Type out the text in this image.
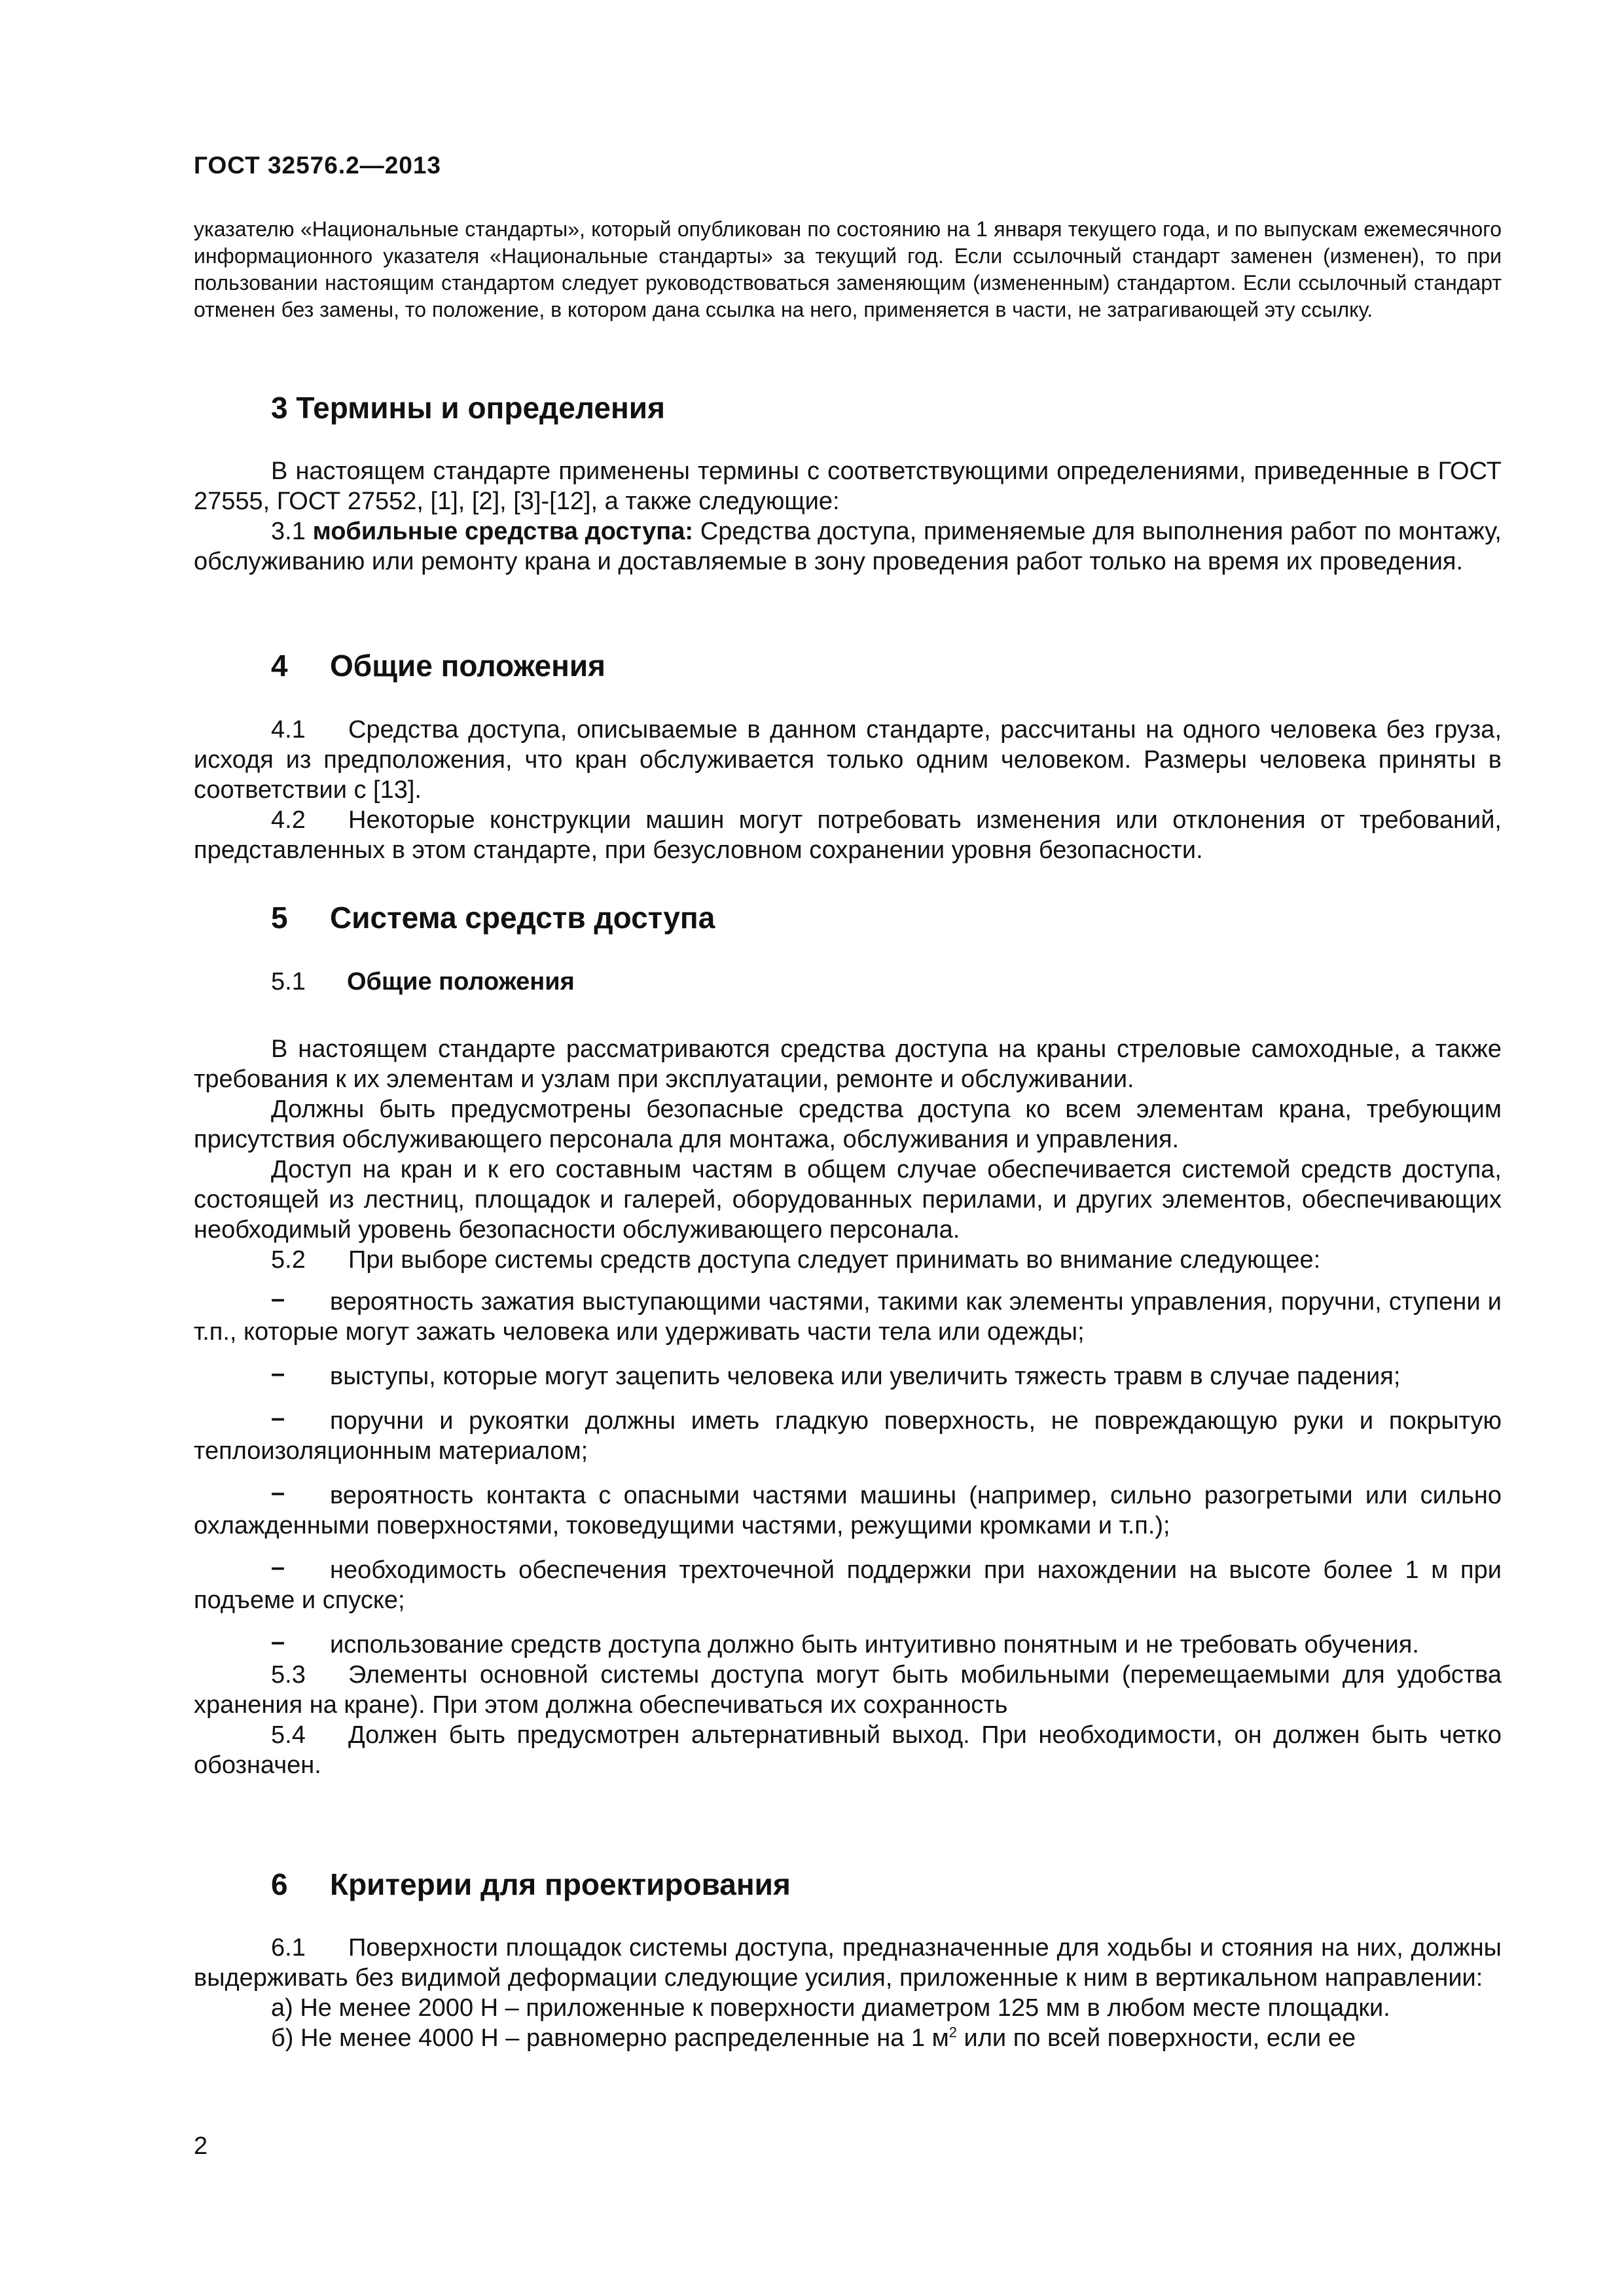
ГОСТ 32576.2—2013

указателю «Национальные стандарты», который опубликован по состоянию на 1 января текущего года, и по выпускам ежемесячного информационного указателя «Национальные стандарты» за текущий год. Если ссылочный стандарт заменен (изменен), то при пользовании настоящим стандартом следует руководствоваться заменяющим (измененным) стандартом. Если ссылочный стандарт отменен без замены, то положение, в котором дана ссылка на него, применяется в части, не затрагивающей эту ссылку.

3 Термины и определения

В настоящем стандарте применены термины с соответствующими определениями, приведенные в ГОСТ 27555, ГОСТ 27552, [1], [2], [3]-[12], а также следующие:

3.1 мобильные средства доступа: Средства доступа, применяемые для выполнения работ по монтажу, обслуживанию или ремонту крана и доставляемые в зону проведения работ только на время их проведения.

4 Общие положения

4.1 Средства доступа, описываемые в данном стандарте, рассчитаны на одного человека без груза, исходя из предположения, что кран обслуживается только одним человеком. Размеры человека приняты в соответствии с [13].

4.2 Некоторые конструкции машин могут потребовать изменения или отклонения от требований, представленных в этом стандарте, при безусловном сохранении уровня безопасности.

5 Система средств доступа
5.1 Общие положения

В настоящем стандарте рассматриваются средства доступа на краны стреловые самоходные, а также требования к их элементам и узлам при эксплуатации, ремонте и обслуживании.

Должны быть предусмотрены безопасные средства доступа ко всем элементам крана, требующим присутствия обслуживающего персонала для монтажа, обслуживания и управления.

Доступ на кран и к его составным частям в общем случае обеспечивается системой средств доступа, состоящей из лестниц, площадок и галерей, оборудованных перилами, и других элементов, обеспечивающих необходимый уровень безопасности обслуживающего персонала.

5.2 При выборе системы средств доступа следует принимать во внимание следующее:

– вероятность зажатия выступающими частями, такими как элементы управления, поручни, ступени и т.п., которые могут зажать человека или удерживать части тела или одежды;

– выступы, которые могут зацепить человека или увеличить тяжесть травм в случае падения;

– поручни и рукоятки должны иметь гладкую поверхность, не повреждающую руки и покрытую теплоизоляционным материалом;

– вероятность контакта с опасными частями машины (например, сильно разогретыми или сильно охлажденными поверхностями, токоведущими частями, режущими кромками и т.п.);

– необходимость обеспечения трехточечной поддержки при нахождении на высоте более 1 м при подъеме и спуске;

– использование средств доступа должно быть интуитивно понятным и не требовать обучения.

5.3 Элементы основной системы доступа могут быть мобильными (перемещаемыми для удобства хранения на кране). При этом должна обеспечиваться их сохранность

5.4 Должен быть предусмотрен альтернативный выход. При необходимости, он должен быть четко обозначен.

6 Критерии для проектирования

6.1 Поверхности площадок системы доступа, предназначенные для ходьбы и стояния на них, должны выдерживать без видимой деформации следующие усилия, приложенные к ним в вертикальном направлении:

а) Не менее 2000 Н – приложенные к поверхности диаметром 125 мм в любом месте площадки.

б) Не менее 4000 Н – равномерно распределенные на 1 $м^2$ или по всей поверхности, если ее

2
